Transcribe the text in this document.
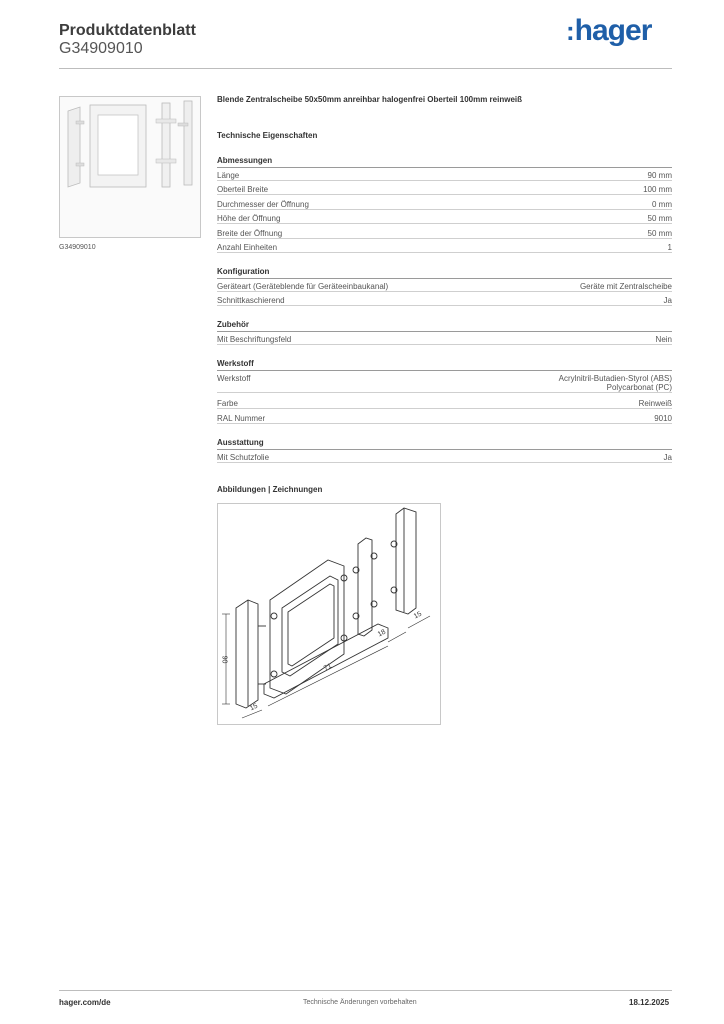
Produktdatenblatt
G34909010
:hager
G34909010
Blende Zentralscheibe 50x50mm anreihbar halogenfrei Oberteil 100mm reinweiß
Technische Eigenschaften
Abmessungen
Länge	90 mm
Oberteil Breite	100 mm
Durchmesser der Öffnung	0 mm
Höhe der Öffnung	50 mm
Breite der Öffnung	50 mm
Anzahl Einheiten	1
Konfiguration
Geräteart (Geräteblende für Geräteeinbaukanal)	Geräte mit Zentralscheibe
Schnittkaschierend	Ja
Zubehör
Mit Beschriftungsfeld	Nein
Werkstoff
Werkstoff	Acrylnitril-Butadien-Styrol (ABS)
Polycarbonat (PC)
Farbe	Reinweiß
RAL Nummer	9010
Ausstattung
Mit Schutzfolie	Ja
Abbildungen | Zeichnungen
90
15
71
18
15
hager.com/de	Technische Änderungen vorbehalten	18.12.2025
